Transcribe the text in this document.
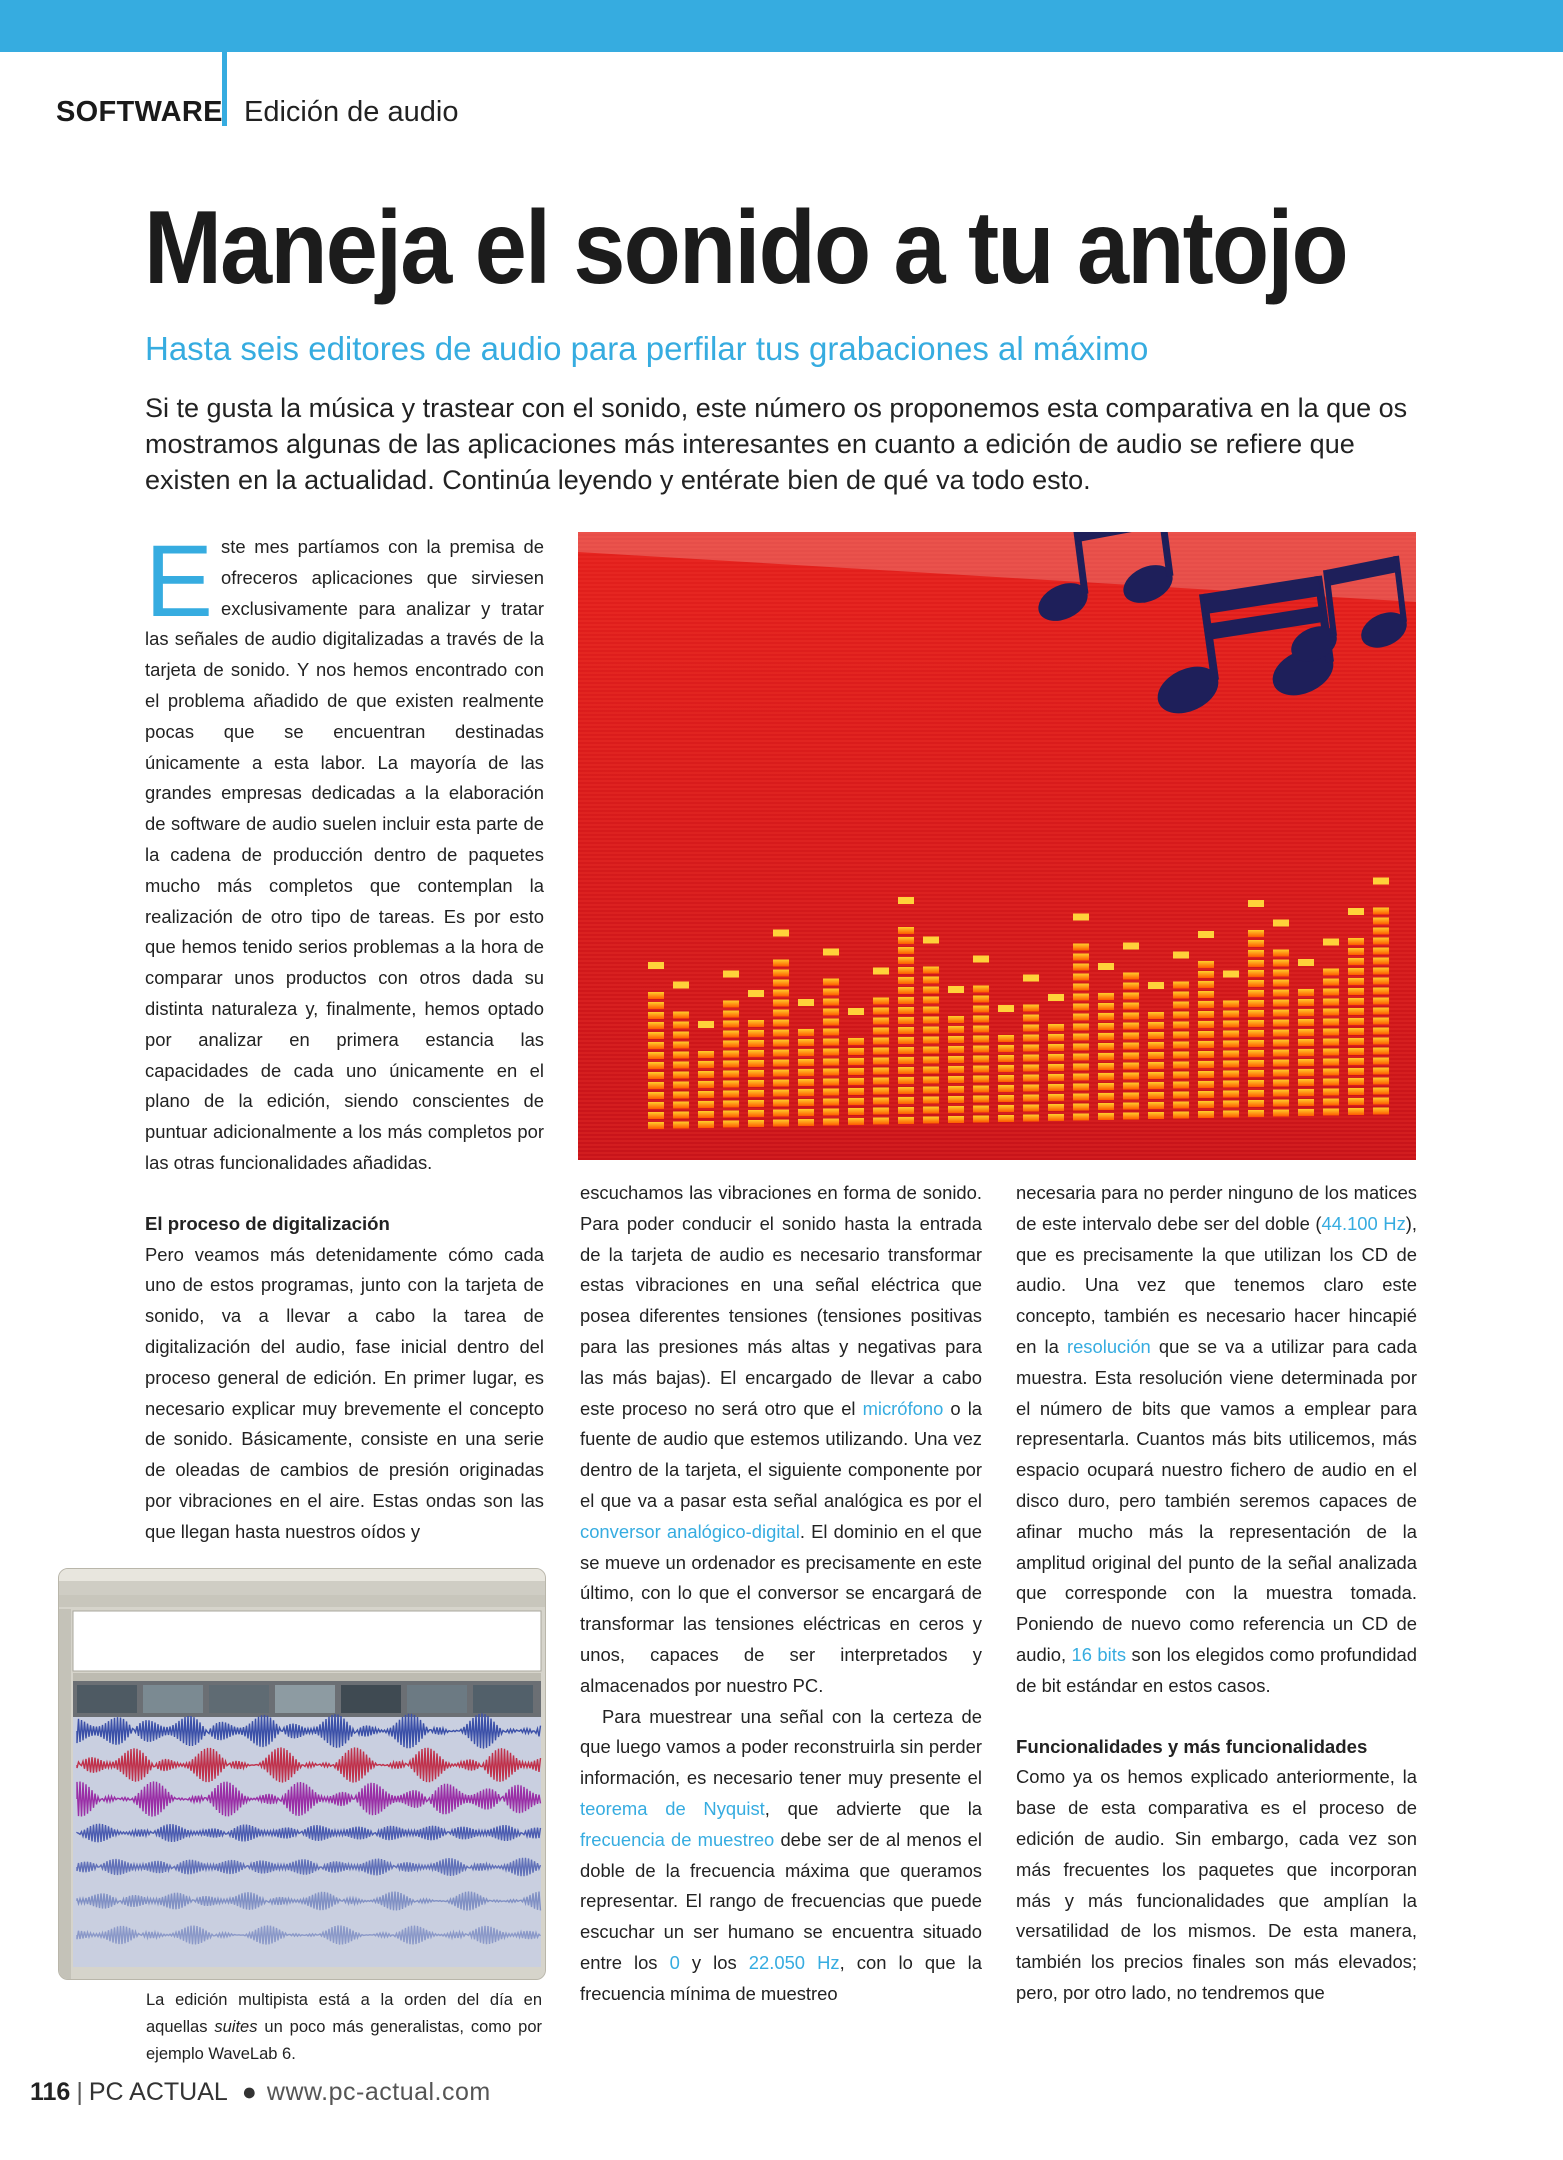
SOFTWARE Edición de audio
Maneja el sonido a tu antojo
Hasta seis editores de audio para perfilar tus grabaciones al máximo

Si te gusta la música y trastear con el sonido, este número os proponemos esta comparativa en la que os mostramos algunas de las aplicaciones más interesantes en cuanto a edición de audio se refiere que existen en la actualidad. Continúa leyendo y entérate bien de qué va todo esto.

Este mes partíamos con la premisa de ofreceros aplicaciones que sirviesen exclusivamente para analizar y tratar las señales de audio digitalizadas a través de la tarjeta de sonido. Y nos hemos encontrado con el problema añadido de que existen realmente pocas que se encuentran destinadas únicamente a esta labor. La mayoría de las grandes empresas dedicadas a la elaboración de software de audio suelen incluir esta parte de la cadena de producción dentro de paquetes mucho más completos que contemplan la realización de otro tipo de tareas. Es por esto que hemos tenido serios problemas a la hora de comparar unos productos con otros dada su distinta naturaleza y, finalmente, hemos optado por analizar en primera estancia las capacidades de cada uno únicamente en el plano de la edición, siendo conscientes de puntuar adicionalmente a los más completos por las otras funcionalidades añadidas.

El proceso de digitalización

Pero veamos más detenidamente cómo cada uno de estos programas, junto con la tarjeta de sonido, va a llevar a cabo la tarea de digitalización del audio, fase inicial dentro del proceso general de edición. En primer lugar, es necesario explicar muy brevemente el concepto de sonido. Básicamente, consiste en una serie de oleadas de cambios de presión originadas por vibraciones en el aire. Estas ondas son las que llegan hasta nuestros oídos y

escuchamos las vibraciones en forma de sonido. Para poder conducir el sonido hasta la entrada de la tarjeta de audio es necesario transformar estas vibraciones en una señal eléctrica que posea diferentes tensiones (tensiones positivas para las presiones más altas y negativas para las más bajas). El encargado de llevar a cabo este proceso no será otro que el micrófono o la fuente de audio que estemos utilizando. Una vez dentro de la tarjeta, el siguiente componente por el que va a pasar esta señal analógica es por el conversor analógico-digital. El dominio en el que se mueve un ordenador es precisamente en este último, con lo que el conversor se encargará de transformar las tensiones eléctricas en ceros y unos, capaces de ser interpretados y almacenados por nuestro PC.

Para muestrear una señal con la certeza de que luego vamos a poder reconstruirla sin perder información, es necesario tener muy presente el teorema de Nyquist, que advierte que la frecuencia de muestreo debe ser de al menos el doble de la frecuencia máxima que queramos representar. El rango de frecuencias que puede escuchar un ser humano se encuentra situado entre los 0 y los 22.050 Hz, con lo que la frecuencia mínima de muestreo

necesaria para no perder ninguno de los matices de este intervalo debe ser del doble (44.100 Hz), que es precisamente la que utilizan los CD de audio. Una vez que tenemos claro este concepto, también es necesario hacer hincapié en la resolución que se va a utilizar para cada muestra. Esta resolución viene determinada por el número de bits que vamos a emplear para representarla. Cuantos más bits utilicemos, más espacio ocupará nuestro fichero de audio en el disco duro, pero también seremos capaces de afinar mucho más la representación de la amplitud original del punto de la señal analizada que corresponde con la muestra tomada. Poniendo de nuevo como referencia un CD de audio, 16 bits son los elegidos como profundidad de bit estándar en estos casos.

Funcionalidades y más funcionalidades

Como ya os hemos explicado anteriormente, la base de esta comparativa es el proceso de edición de audio. Sin embargo, cada vez son más frecuentes los paquetes que incorporan más y más funcionalidades que amplían la versatilidad de los mismos. De esta manera, también los precios finales son más elevados; pero, por otro lado, no tendremos que

La edición multipista está a la orden del día en aquellas suites un poco más generalistas, como por ejemplo WaveLab 6.

116 | PC ACTUAL ● www.pc-actual.com
